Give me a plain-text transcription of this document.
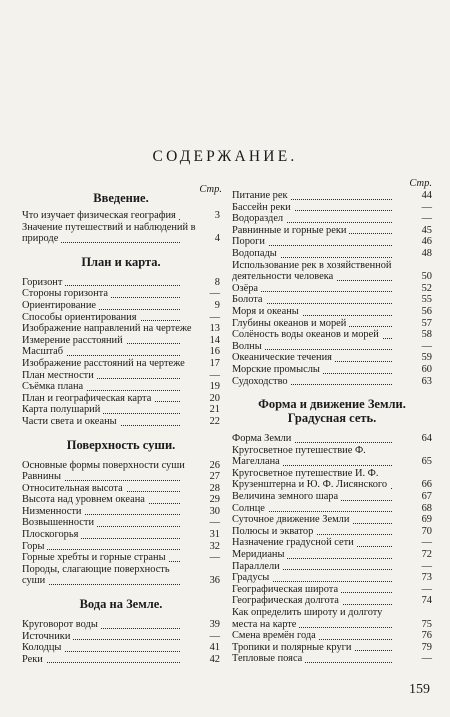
СОДЕРЖАНИЕ.
Стр.
Введение.
Что изучает физическая география	3
Значение путешествий и наблюдений в природе	4
План и карта.
Горизонт	8
Стороны горизонта	—
Ориентирование	9
Способы ориентирования	—
Изображение направлений на чертеже	13
Измерение расстояний	14
Масштаб	16
Изображение расстояний на чертеже	17
План местности	—
Съёмка плана	19
План и географическая карта	20
Карта полушарий	21
Части света и океаны	22
Поверхность суши.
Основные формы поверхности суши	26
Равнины	27
Относительная высота	28
Высота над уровнем океана	29
Низменности	30
Возвышенности	—
Плоскогорья	31
Горы	32
Горные хребты и горные страны	—
Породы, слагающие поверхность суши	36
Вода на Земле.
Круговорот воды	39
Источники	—
Колодцы	41
Реки	42
Стр.
Питание рек	44
Бассейн реки	—
Водораздел	—
Равнинные и горные реки	45
Пороги	46
Водопады	48
Использование рек в хозяйственной деятельности человека	50
Озёра	52
Болота	55
Моря и океаны	56
Глубины океанов и морей	57
Солёность воды океанов и морей	58
Волны	—
Океанические течения	59
Морские промыслы	60
Судоходство	63
Форма и движение Земли. Градусная сеть.
Форма Земли	64
Кругосветное путешествие Ф. Магеллана	65
Кругосветное путешествие И. Ф. Крузенштерна и Ю. Ф. Лисянского	66
Величина земного шара	67
Солнце	68
Суточное движение Земли	69
Полюсы и экватор	70
Назначение градусной сети	—
Меридианы	72
Параллели	—
Градусы	73
Географическая широта	—
Географическая долгота	74
Как определить широту и долготу места на карте	75
Смена времён года	76
Тропики и полярные круги	79
Тепловые пояса	—
159
